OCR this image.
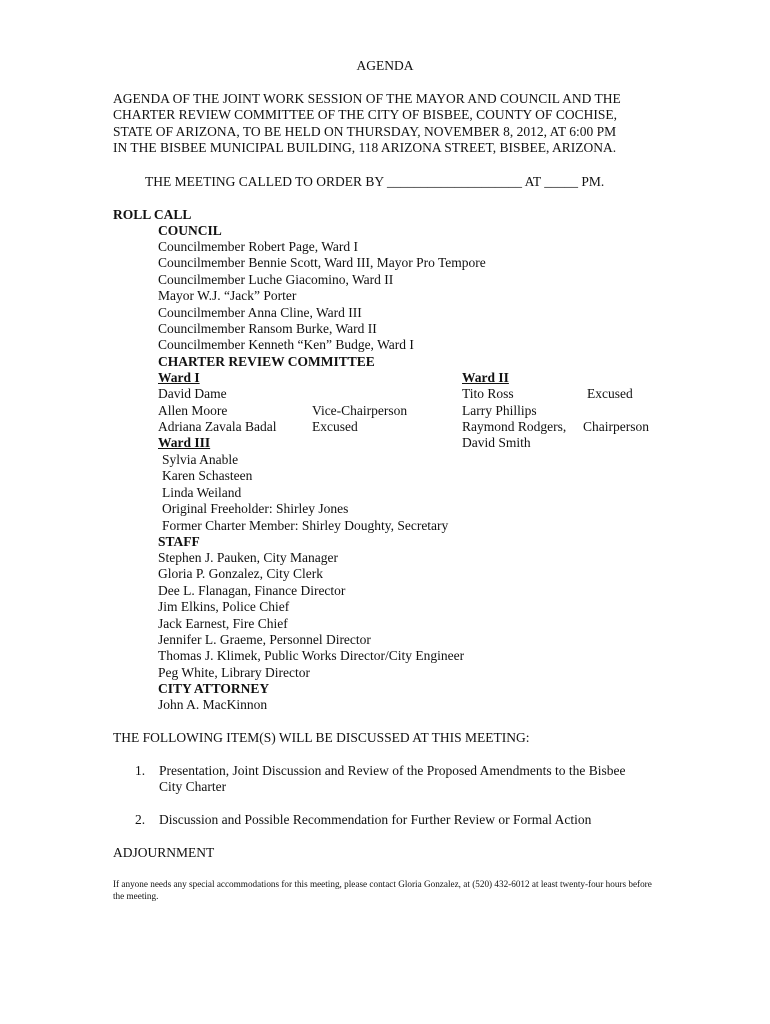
AGENDA
AGENDA OF THE JOINT WORK SESSION OF THE MAYOR AND COUNCIL AND THE
CHARTER REVIEW COMMITTEE OF THE CITY OF BISBEE, COUNTY OF COCHISE,
STATE OF ARIZONA, TO BE HELD ON THURSDAY, NOVEMBER 8, 2012, AT 6:00 PM
IN THE BISBEE MUNICIPAL BUILDING, 118 ARIZONA STREET, BISBEE, ARIZONA.
THE MEETING CALLED TO ORDER BY ____________________ AT _____ PM.
ROLL CALL
COUNCIL
Councilmember Robert Page, Ward I
Councilmember Bennie Scott, Ward III, Mayor Pro Tempore
Councilmember Luche Giacomino, Ward II
Mayor W.J. “Jack” Porter
Councilmember Anna Cline, Ward III
Councilmember Ransom Burke, Ward II
Councilmember Kenneth “Ken” Budge, Ward I
CHARTER REVIEW COMMITTEE
Ward I
David Dame
Allen Moore	Vice-Chairperson
Adriana Zavala Badal	Excused
Ward II
Tito Ross	Excused
Larry Phillips
Raymond Rodgers, Chairperson
David Smith
Ward III
Sylvia Anable
Karen Schasteen
Linda Weiland
Original Freeholder: Shirley Jones
Former Charter Member: Shirley Doughty, Secretary
STAFF
Stephen J. Pauken, City Manager
Gloria P. Gonzalez, City Clerk
Dee L. Flanagan, Finance Director
Jim Elkins, Police Chief
Jack Earnest, Fire Chief
Jennifer L. Graeme, Personnel Director
Thomas J. Klimek, Public Works Director/City Engineer
Peg White, Library Director
CITY ATTORNEY
John A. MacKinnon
THE FOLLOWING ITEM(S) WILL BE DISCUSSED AT THIS MEETING:
1. Presentation, Joint Discussion and Review of the Proposed Amendments to the Bisbee City Charter
2. Discussion and Possible Recommendation for Further Review or Formal Action
ADJOURNMENT
If anyone needs any special accommodations for this meeting, please contact Gloria Gonzalez, at (520) 432-6012 at least twenty-four hours before the meeting.
